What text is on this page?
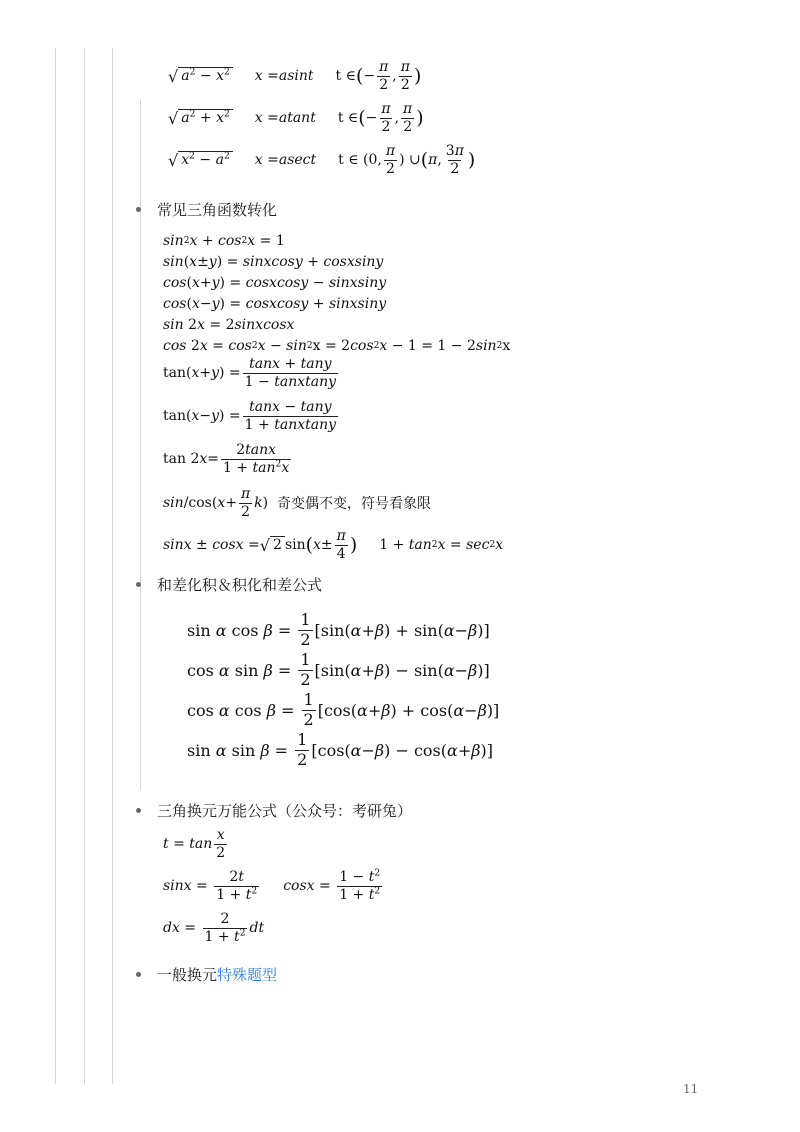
√ $a^2 - x^2$ x = asint t ∈ ( − $\frac{\pi}{2}$ , $\frac{\pi}{2}$ )
√ $a^2 + x^2$ x = atant t ∈ ( − $\frac{\pi}{2}$ , $\frac{\pi}{2}$ )
√ $x^2 - a^2$ x = asect t ∈ (0, $\frac{\pi}{2}$ ) ∪ ( π , $\frac{3\pi}{2}$ )
常见三角函数转化
sin 2 x + cos 2 x = 1
sin ( x ± y ) = sinxcosy + cosxsiny
cos ( x + y ) = cosxcosy − sinxsiny
cos ( x − y ) = cosxcosy + sinxsiny
sin 2 x = 2 sinxcosx
cos 2 x = cos 2 x − sin 2 x = 2 cos 2 x − 1 = 1 − 2 sin 2 x
tan( x + y ) = $\frac{\tan x + \tan y}{\text{1 − tanxtany}}$
tan( x − y ) = $\frac{\tan x - \tan y}{\text{1 + tanxtany}}$
tan 2 $x = \frac{2\tan x}{1 + \tan^2x}$
sin /cos( $x + \frac{\pi}{2}$ k ) 奇变偶不变，符号看象限
sinx ± cosx = √ 2 sin ( $x \pm \frac{\pi}{4}$ ) 1 + tan 2 x = sec 2 x
和差化积＆积化和差公式
sin α $\cos \beta = \frac{1}{2} [\sin$( α + β ) + sin( α − β )]
cos α $\sin \beta = \frac{1}{2} [\sin$( α + β ) − sin( α − β )]
cos α $\cos \beta = \frac{1}{2} [\cos$( α + β ) + cos( α − β )]
sin α $\sin \beta = \frac{1}{2} [\cos$( α − β ) − cos( α + β )]
三角换元万能公式（公众号：考研兔）
$t = \tan \frac{x}{2}$
$\sin x = \frac{2t}{1 + t^2}$ $\cos x = \frac{1 - t^2}{1 + t^2}$
dx = $\frac{2}{1 + t^2}$ dt
一般换元 特殊题型
11
